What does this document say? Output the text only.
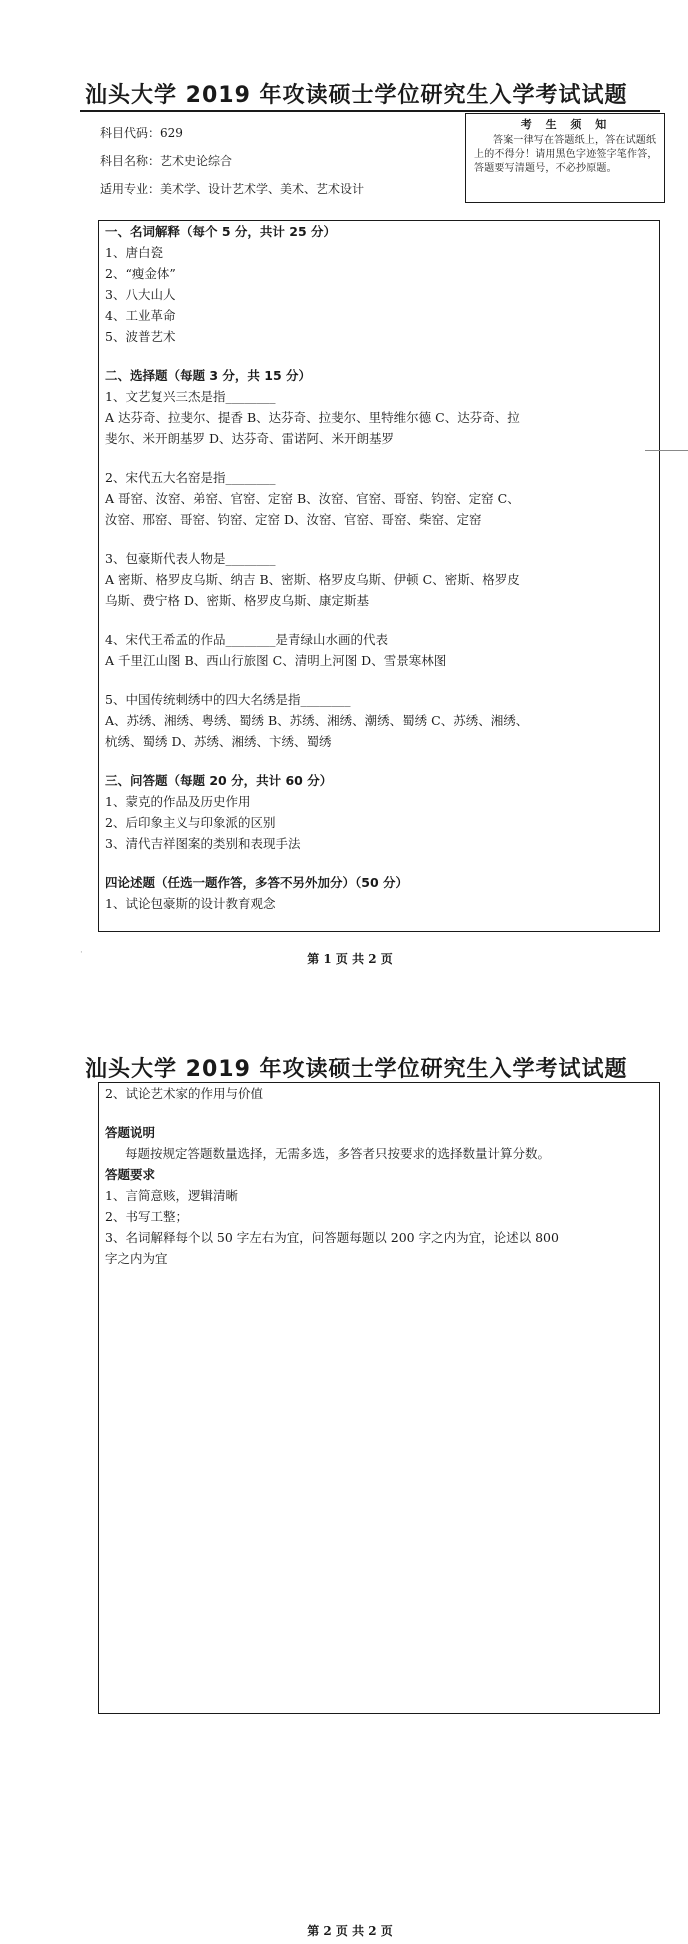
汕头大学 2019 年攻读硕士学位研究生入学考试试题
科目代码：629
科目名称：艺术史论综合
适用专业：美术学、设计艺术学、美术、艺术设计
考 生 须 知
答案一律写在答题纸上，答在试题纸上的不得分！请用黑色字迹签字笔作答，答题要写清题号，不必抄原题。
一、名词解释（每个 5 分，共计 25 分）
1、唐白瓷
2、“瘦金体”
3、八大山人
4、工业革命
5、波普艺术
二、选择题（每题 3 分，共 15 分）
1、文艺复兴三杰是指________
A 达芬奇、拉斐尔、提香 B、达芬奇、拉斐尔、里特维尔德 C、达芬奇、拉
斐尔、米开朗基罗 D、达芬奇、雷诺阿、米开朗基罗
2、宋代五大名窑是指________
A 哥窑、汝窑、弟窑、官窑、定窑 B、汝窑、官窑、哥窑、钧窑、定窑 C、
汝窑、邢窑、哥窑、钧窑、定窑 D、汝窑、官窑、哥窑、柴窑、定窑
3、包豪斯代表人物是________
A 密斯、格罗皮乌斯、纳吉 B、密斯、格罗皮乌斯、伊顿 C、密斯、格罗皮
乌斯、费宁格 D、密斯、格罗皮乌斯、康定斯基
4、宋代王希孟的作品________是青绿山水画的代表
A 千里江山图 B、西山行旅图 C、清明上河图 D、雪景寒林图
5、中国传统刺绣中的四大名绣是指________
A、苏绣、湘绣、粤绣、蜀绣 B、苏绣、湘绣、潮绣、蜀绣 C、苏绣、湘绣、
杭绣、蜀绣 D、苏绣、湘绣、卞绣、蜀绣
三、问答题（每题 20 分，共计 60 分）
1、蒙克的作品及历史作用
2、后印象主义与印象派的区别
3、清代吉祥图案的类别和表现手法
四论述题（任选一题作答，多答不另外加分）（50 分）
1、试论包豪斯的设计教育观念
·	第 1 页 共 2 页
汕头大学 2019 年攻读硕士学位研究生入学考试试题
2、试论艺术家的作用与价值
答题说明
每题按规定答题数量选择，无需多选，多答者只按要求的选择数量计算分数。
答题要求
1、言简意赅，逻辑清晰
2、书写工整；
3、名词解释每个以 50 字左右为宜，问答题每题以 200 字之内为宜，论述以 800
字之内为宜
第 2 页 共 2 页
